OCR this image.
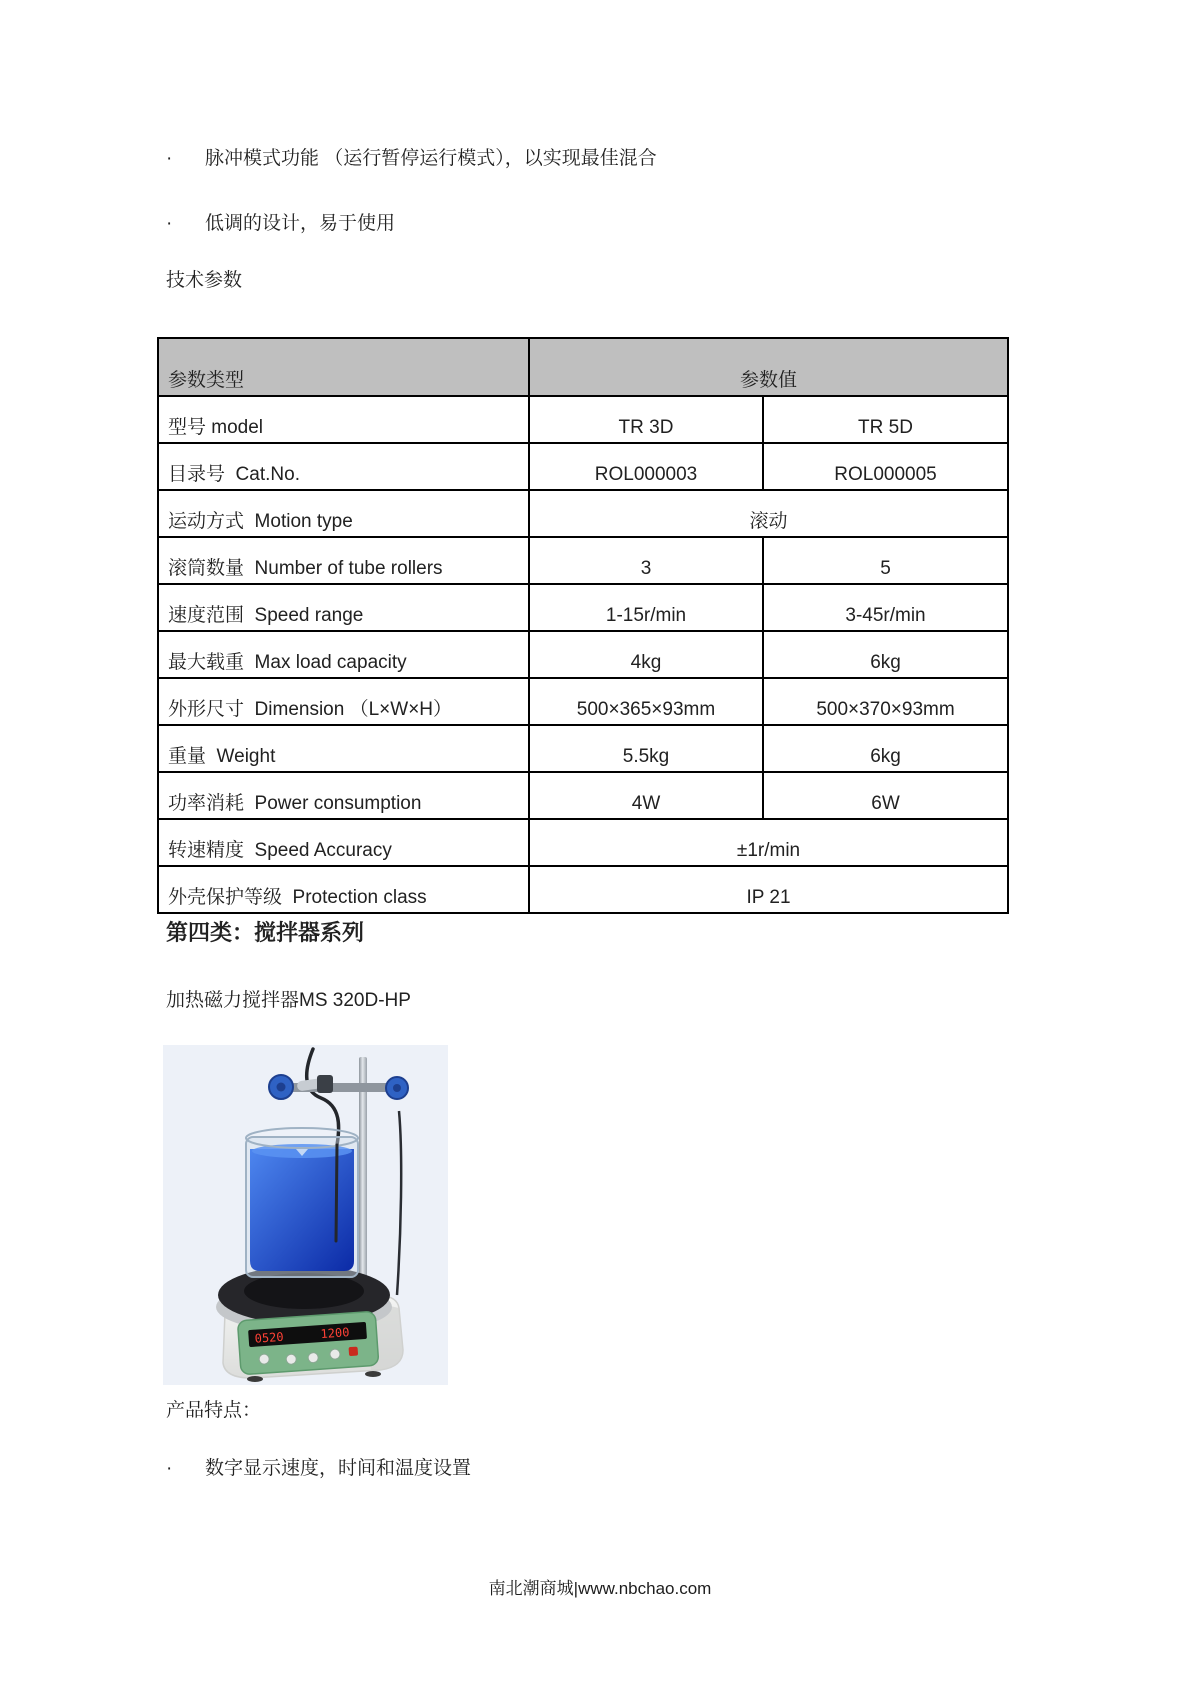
·	脉冲模式功能 （运行暂停运行模式），以实现最佳混合
·	低调的设计，易于使用
技术参数
参数类型	参数值	
型号 model	TR 3D	TR 5D
目录号  Cat.No.	ROL000003	ROL000005
运动方式  Motion type	滚动	
滚筒数量  Number of tube rollers	3	5
速度范围  Speed range	1-15r/min	3-45r/min
最大载重  Max load capacity	4kg	6kg
外形尺寸  Dimension （L×W×H）	500×365×93mm	500×370×93mm
重量  Weight	5.5kg	6kg
功率消耗  Power consumption	4W	6W
转速精度  Speed Accuracy	±1r/min	
外壳保护等级  Protection class	IP 21	
第四类：搅拌器系列
加热磁力搅拌器MS 320D-HP
0520	1200
产品特点：
·	数字显示速度，时间和温度设置
南北潮商城|www.nbchao.com
